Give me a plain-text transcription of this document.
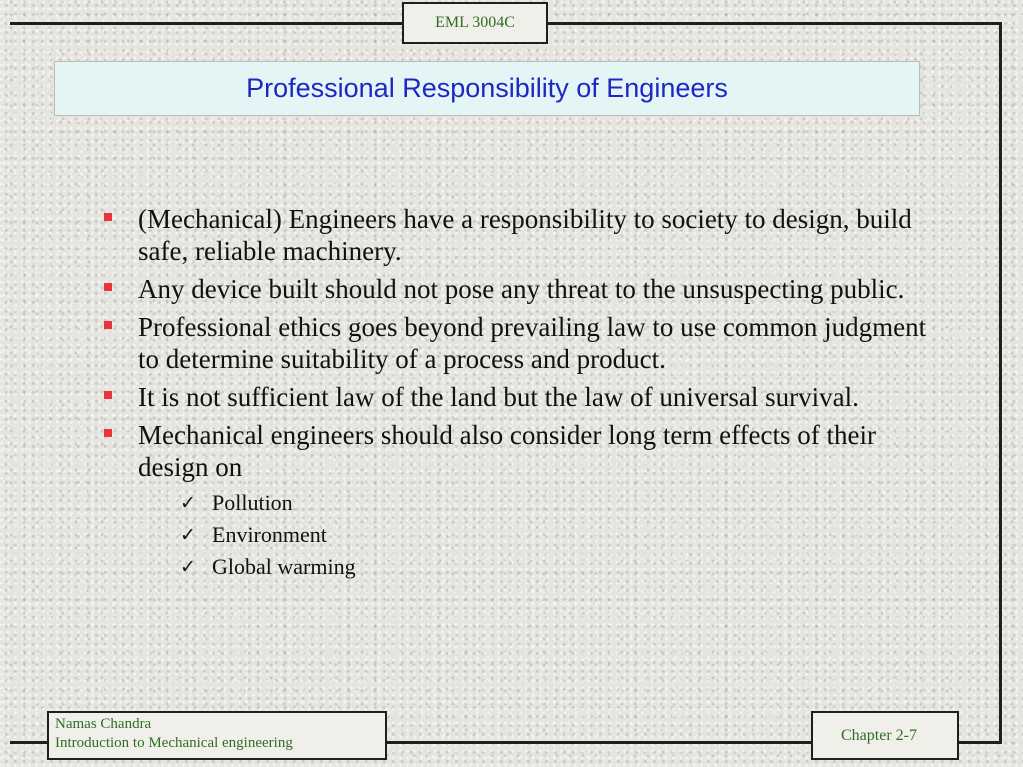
EML 3004C
Professional Responsibility of Engineers
(Mechanical) Engineers have a responsibility to society to design, build safe, reliable machinery.
Any device built should not pose any threat to the unsuspecting public.
Professional ethics goes beyond prevailing law to use common judgment to determine suitability of a process and product.
It is not sufficient law of the land but the law of universal survival.
Mechanical engineers should also consider long term effects of their design on
✓ Pollution
✓ Environment
✓ Global warming
Namas Chandra
Introduction to Mechanical engineering	Chapter 2-7
